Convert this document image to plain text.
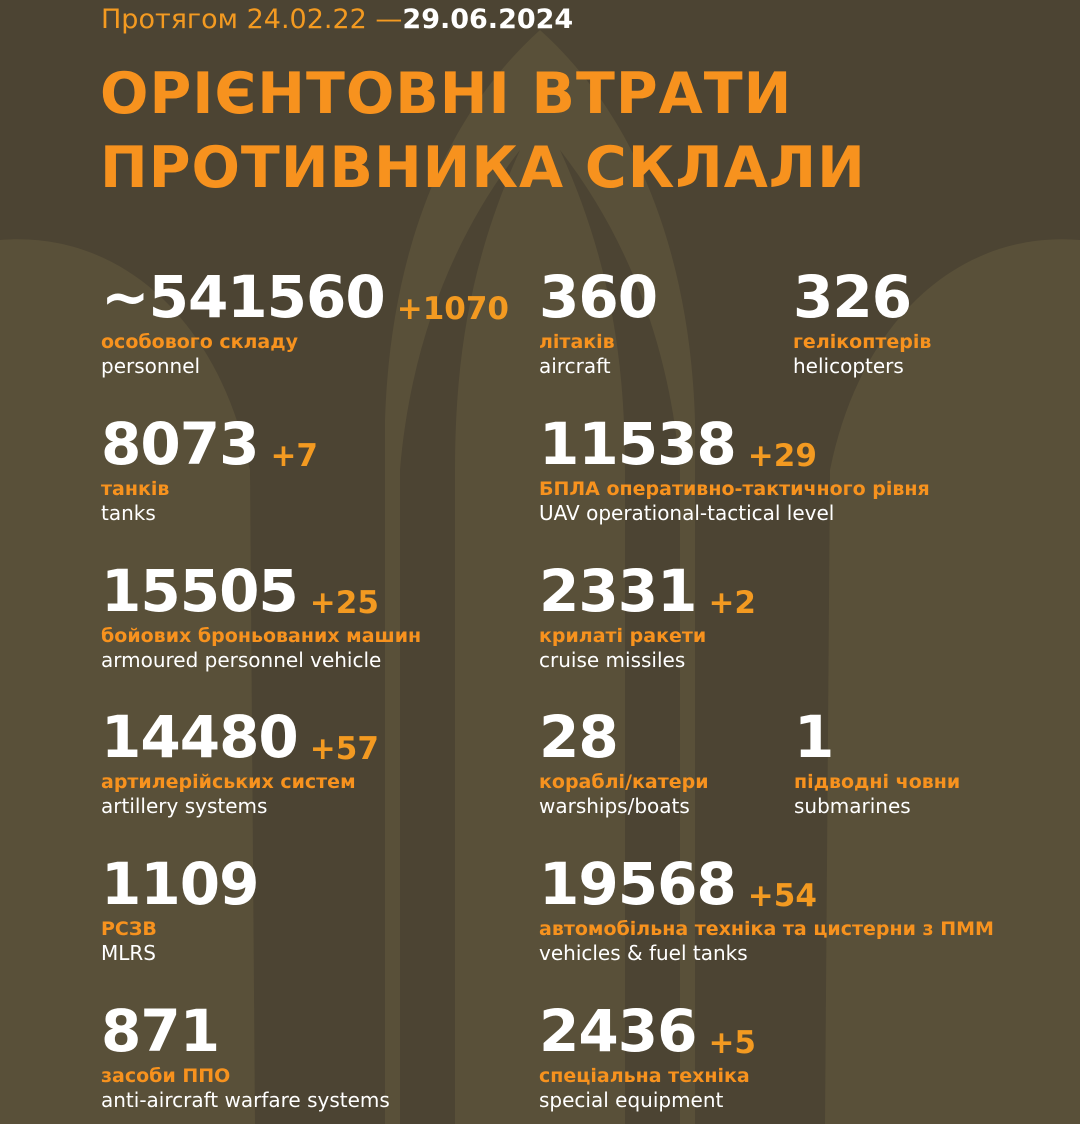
Протягом 24.02.22 —29.06.2024
ОРІЄНТОВНІ ВТРАТИ
ПРОТИВНИКА СКЛАЛИ
~541560 +1070
особового складу
personnel
360
літаків
aircraft
326
гелікоптерів
helicopters
8073 +7
танків
tanks
11538 +29
БПЛА оперативно-тактичного рівня
UAV operational-tactical level
15505 +25
бойових броньованих машин
armoured personnel vehicle
2331 +2
крилаті ракети
cruise missiles
14480 +57
артилерійських систем
artillery systems
28
кораблі/катери
warships/boats
1
підводні човни
submarines
1109
РСЗВ
MLRS
19568 +54
автомобільна техніка та цистерни з ПММ
vehicles & fuel tanks
871
засоби ППО
anti-aircraft warfare systems
2436 +5
спеціальна техніка
special equipment
